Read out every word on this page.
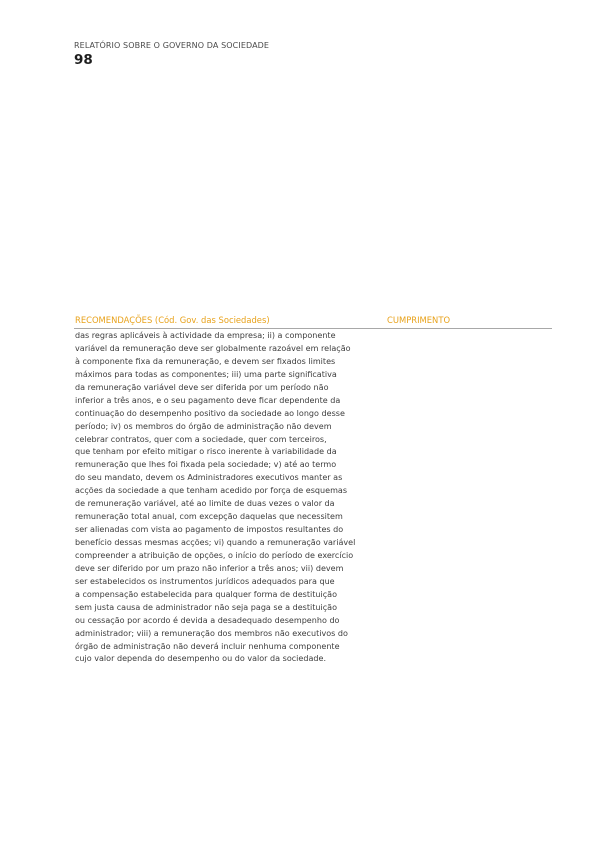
RELATÓRIO SOBRE O GOVERNO DA SOCIEDADE
98
RECOMENDAÇÕES (Cód. Gov. das Sociedades)	CUMPRIMENTO
das regras aplicáveis à actividade da empresa; ii) a componente
variável da remuneração deve ser globalmente razoável em relação
à componente fixa da remuneração, e devem ser fixados limites
máximos para todas as componentes; iii) uma parte significativa
da remuneração variável deve ser diferida por um período não
inferior a três anos, e o seu pagamento deve ficar dependente da
continuação do desempenho positivo da sociedade ao longo desse
período; iv) os membros do órgão de administração não devem
celebrar contratos, quer com a sociedade, quer com terceiros,
que tenham por efeito mitigar o risco inerente à variabilidade da
remuneração que lhes foi fixada pela sociedade; v) até ao termo
do seu mandato, devem os Administradores executivos manter as
acções da sociedade a que tenham acedido por força de esquemas
de remuneração variável, até ao limite de duas vezes o valor da
remuneração total anual, com excepção daquelas que necessitem
ser alienadas com vista ao pagamento de impostos resultantes do
benefício dessas mesmas acções; vi) quando a remuneração variável
compreender a atribuição de opções, o início do período de exercício
deve ser diferido por um prazo não inferior a três anos; vii) devem
ser estabelecidos os instrumentos jurídicos adequados para que
a compensação estabelecida para qualquer forma de destituição
sem justa causa de administrador não seja paga se a destituição
ou cessação por acordo é devida a desadequado desempenho do
administrador; viii) a remuneração dos membros não executivos do
órgão de administração não deverá incluir nenhuma componente
cujo valor dependa do desempenho ou do valor da sociedade.
